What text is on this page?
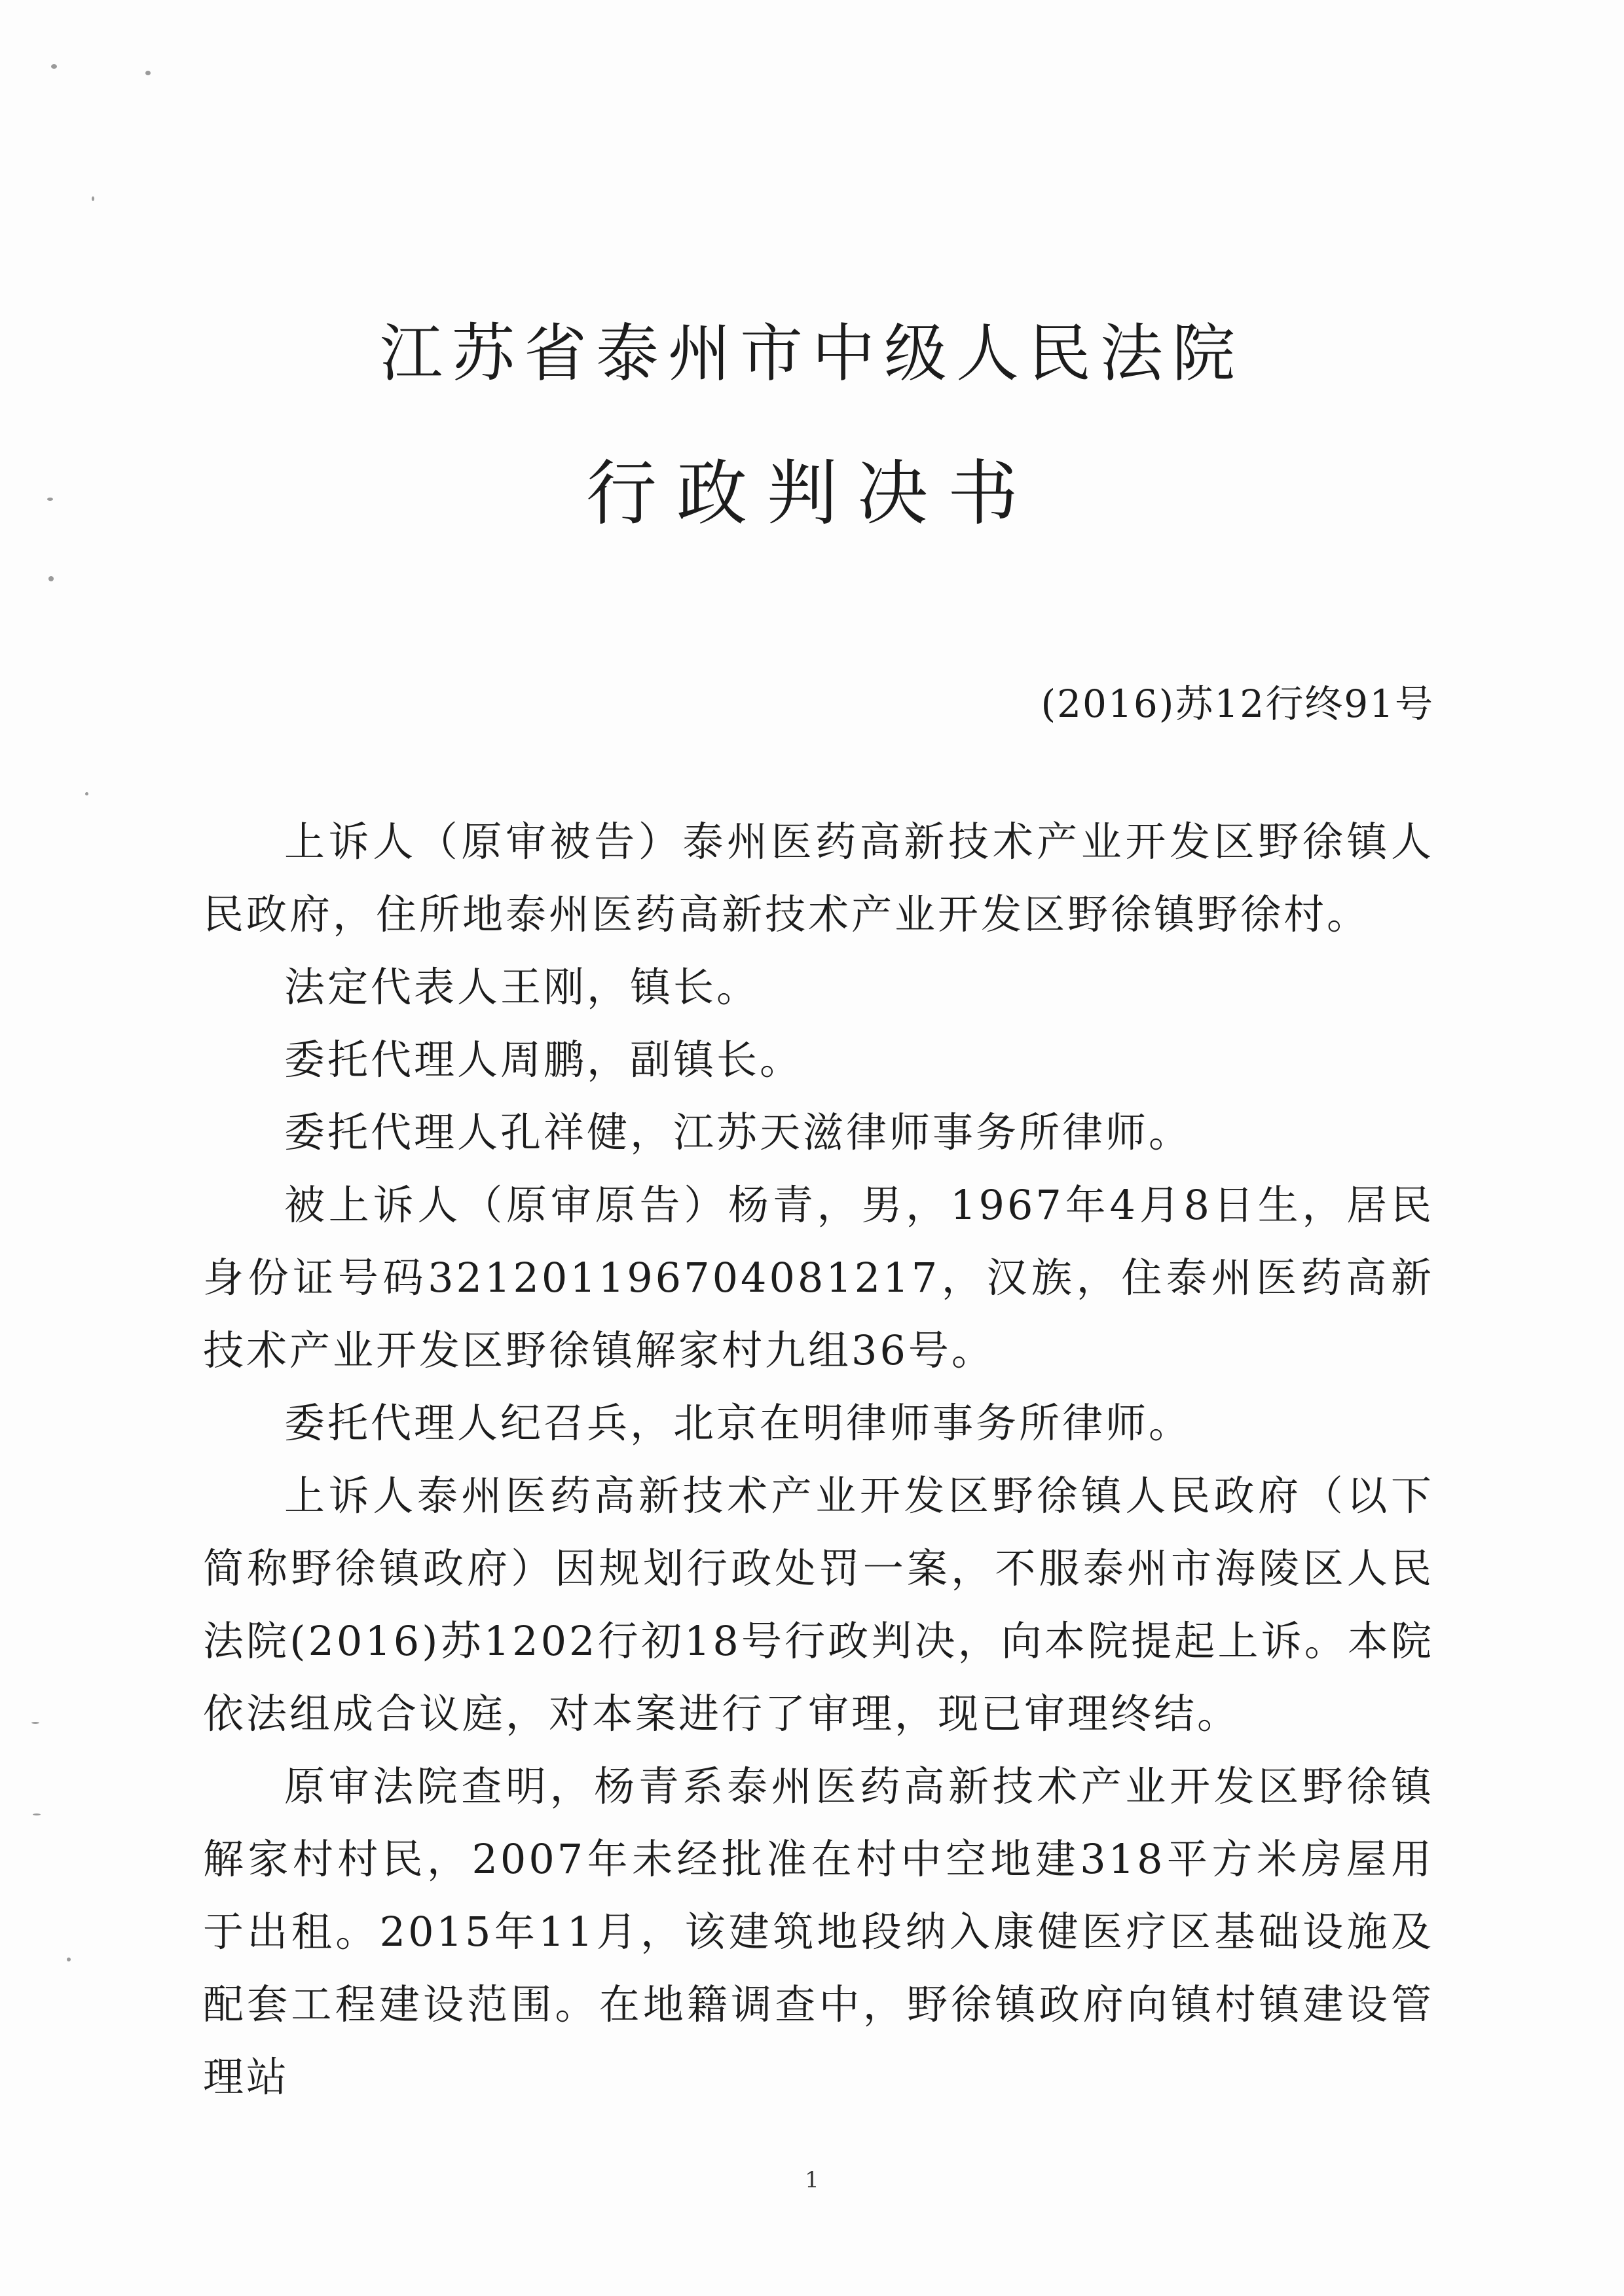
江苏省泰州市中级人民法院
行政判决书
(2016)苏12行终91号

上诉人（原审被告）泰州医药高新技术产业开发区野徐镇人民政府，住所地泰州医药高新技术产业开发区野徐镇野徐村。

法定代表人王刚，镇长。

委托代理人周鹏，副镇长。

委托代理人孔祥健，江苏天滋律师事务所律师。

被上诉人（原审原告）杨青，男，1967年4月8日生，居民身份证号码321201196704081217，汉族，住泰州医药高新技术产业开发区野徐镇解家村九组36号。

委托代理人纪召兵，北京在明律师事务所律师。

上诉人泰州医药高新技术产业开发区野徐镇人民政府（以下简称野徐镇政府）因规划行政处罚一案，不服泰州市海陵区人民法院(2016)苏1202行初18号行政判决，向本院提起上诉。本院依法组成合议庭，对本案进行了审理，现已审理终结。

原审法院查明，杨青系泰州医药高新技术产业开发区野徐镇解家村村民，2007年未经批准在村中空地建318平方米房屋用于出租。2015年11月，该建筑地段纳入康健医疗区基础设施及配套工程建设范围。在地籍调查中，野徐镇政府向镇村镇建设管理站

1
